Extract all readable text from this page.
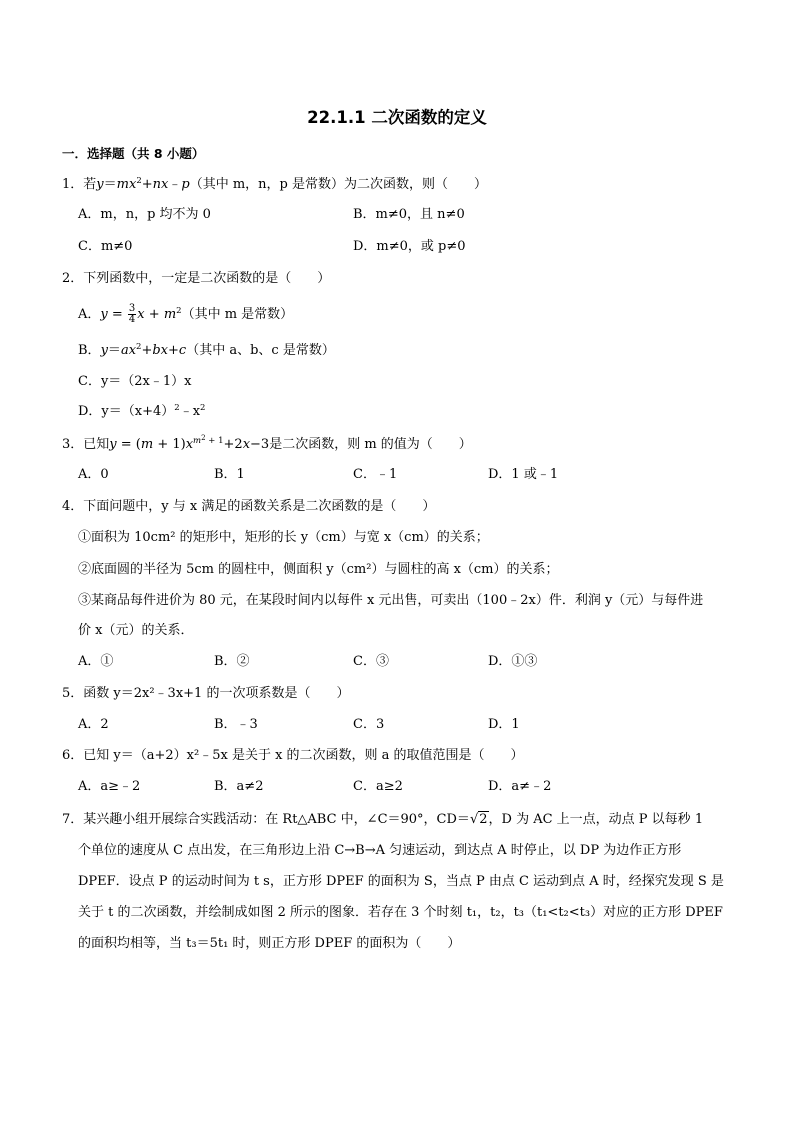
22.1.1 二次函数的定义
一．选择题（共 8 小题）
1．若$y=mx^2+nx﹣p$（其中 m，n，p 是常数）为二次函数，则（　　）
A．m，n，p 均不为 0	B．m≠0，且 n≠0
C．m≠0	D．m≠0，或 p≠0
2．下列函数中，一定是二次函数的是（　　）
A．$y = \frac{3}{4}$ $x + m^2$（其中 m 是常数）
B．$y=ax^2+bx+c$（其中 a、b、c 是常数）
C．y＝（2x﹣1）x
D．$y=(x+4)^2﹣x^2$
3．已知$y = (m + 1)x^{m^2 + 1}+2x-3$是二次函数，则 m 的值为（　　）
A．0	B．1	C．﹣1	D．1 或﹣1
4．下面问题中，y 与 x 满足的函数关系是二次函数的是（　　）
①面积为 10cm² 的矩形中，矩形的长 y（cm）与宽 x（cm）的关系；
②底面圆的半径为 5cm 的圆柱中，侧面积 y（cm²）与圆柱的高 x（cm）的关系；
③某商品每件进价为 80 元，在某段时间内以每件 x 元出售，可卖出（100﹣2x）件．利润 y（元）与每件进
价 x（元）的关系．
A．①	B．②	C．③	D．①③
5．函数 y＝2x²﹣3x+1 的一次项系数是（　　）
A．2	B．﹣3	C．3	D．1
6．已知 y＝（a+2）x²﹣5x 是关于 x 的二次函数，则 a 的取值范围是（　　）
A．a≥﹣2	B．a≠2	C．a≥2	D．a≠﹣2
7．某兴趣小组开展综合实践活动：在 Rt△ABC 中，∠C＝90°，CD＝√2，D 为 AC 上一点，动点 P 以每秒 1
个单位的速度从 C 点出发，在三角形边上沿 C→B→A 匀速运动，到达点 A 时停止，以 DP 为边作正方形
DPEF．设点 P 的运动时间为 t s，正方形 DPEF 的面积为 S，当点 P 由点 C 运动到点 A 时，经探究发现 S 是
关于 t 的二次函数，并绘制成如图 2 所示的图象．若存在 3 个时刻 t₁，t₂，t₃（t₁<t₂<t₃）对应的正方形 DPEF
的面积均相等，当 t₃＝5t₁ 时，则正方形 DPEF 的面积为（　　）
